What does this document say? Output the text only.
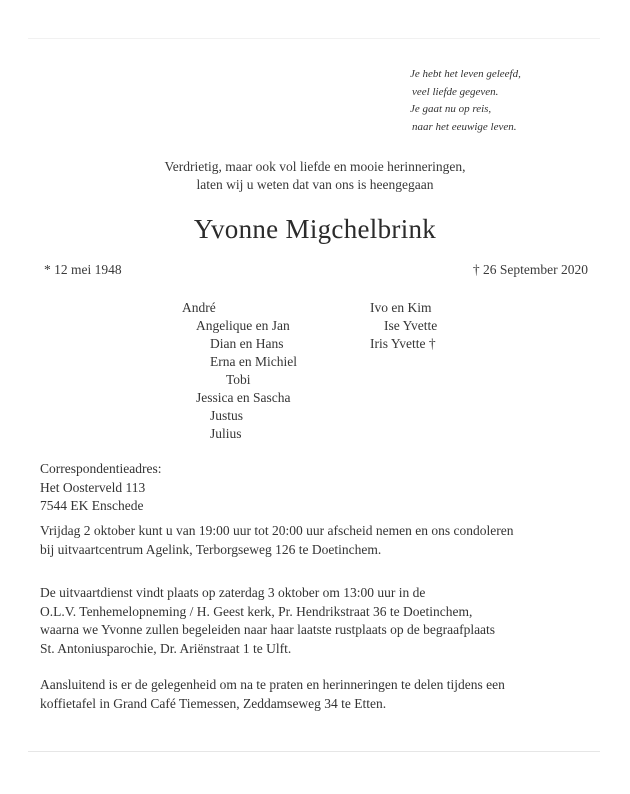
Je hebt het leven geleefd,
veel liefde gegeven.
Je gaat nu op reis,
naar het eeuwige leven.
Verdrietig, maar ook vol liefde en mooie herinneringen,
laten wij u weten dat van ons is heengegaan
Yvonne Migchelbrink
* 12 mei 1948	† 26 September 2020
André
Angelique en Jan
Dian en Hans
Erna en Michiel
Tobi
Jessica en Sascha
Justus
Julius
Ivo en Kim
Ise Yvette
Iris Yvette †
Correspondentieadres:
Het Oosterveld 113
7544 EK Enschede
Vrijdag 2 oktober kunt u van 19:00 uur tot 20:00 uur afscheid nemen en ons condoleren
bij uitvaartcentrum Agelink, Terborgseweg 126 te Doetinchem.
De uitvaartdienst vindt plaats op zaterdag 3 oktober om 13:00 uur in de
O.L.V. Tenhemelopneming / H. Geest kerk, Pr. Hendrikstraat 36 te Doetinchem,
waarna we Yvonne zullen begeleiden naar haar laatste rustplaats op de begraafplaats
St. Antoniusparochie, Dr. Ariënstraat 1 te Ulft.
Aansluitend is er de gelegenheid om na te praten en herinneringen te delen tijdens een
koffietafel in Grand Café Tiemessen, Zeddamseweg 34 te Etten.
